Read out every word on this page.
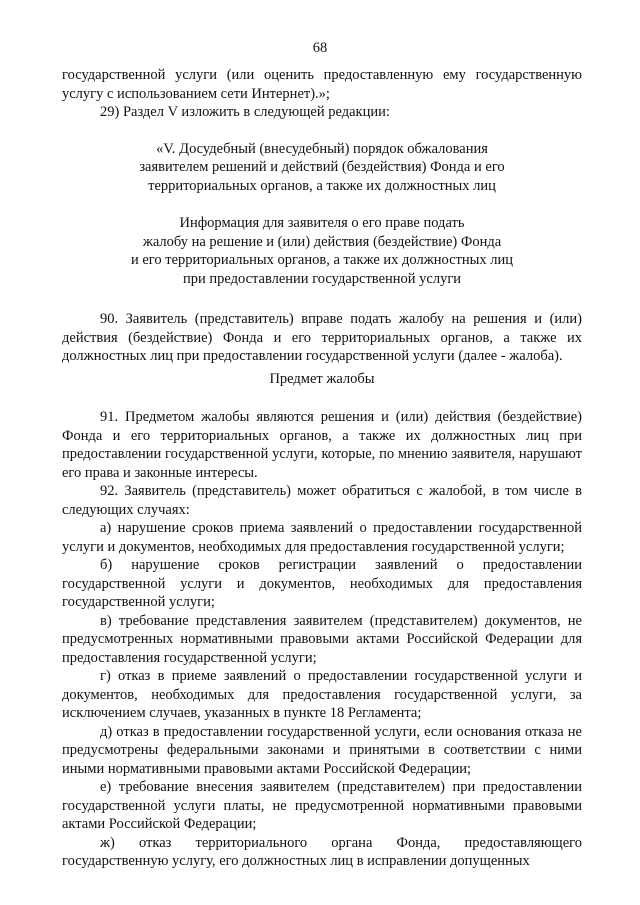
68

государственной услуги (или оценить предоставленную ему государственную услугу с использованием сети Интернет).»;

29) Раздел V изложить в следующей редакции:

«V. Досудебный (внесудебный) порядок обжалования
заявителем решений и действий (бездействия) Фонда и его
территориальных органов, а также их должностных лиц

Информация для заявителя о его праве подать
жалобу на решение и (или) действия (бездействие) Фонда
и его территориальных органов, а также их должностных лиц
при предоставлении государственной услуги

90. Заявитель (представитель) вправе подать жалобу на решения и (или) действия (бездействие) Фонда и его территориальных органов, а также их должностных лиц при предоставлении государственной услуги (далее - жалоба).

Предмет жалобы

91. Предметом жалобы являются решения и (или) действия (бездействие) Фонда и его территориальных органов, а также их должностных лиц при предоставлении государственной услуги, которые, по мнению заявителя, нарушают его права и законные интересы.

92. Заявитель (представитель) может обратиться с жалобой, в том числе в следующих случаях:

а) нарушение сроков приема заявлений о предоставлении государственной услуги и документов, необходимых для предоставления государственной услуги;

б) нарушение сроков регистрации заявлений о предоставлении государственной услуги и документов, необходимых для предоставления государственной услуги;

в) требование представления заявителем (представителем) документов, не предусмотренных нормативными правовыми актами Российской Федерации для предоставления государственной услуги;

г) отказ в приеме заявлений о предоставлении государственной услуги и документов, необходимых для предоставления государственной услуги, за исключением случаев, указанных в пункте 18 Регламента;

д) отказ в предоставлении государственной услуги, если основания отказа не предусмотрены федеральными законами и принятыми в соответствии с ними иными нормативными правовыми актами Российской Федерации;

е) требование внесения заявителем (представителем) при предоставлении государственной услуги платы, не предусмотренной нормативными правовыми актами Российской Федерации;

ж) отказ территориального органа Фонда, предоставляющего государственную услугу, его должностных лиц в исправлении допущенных
